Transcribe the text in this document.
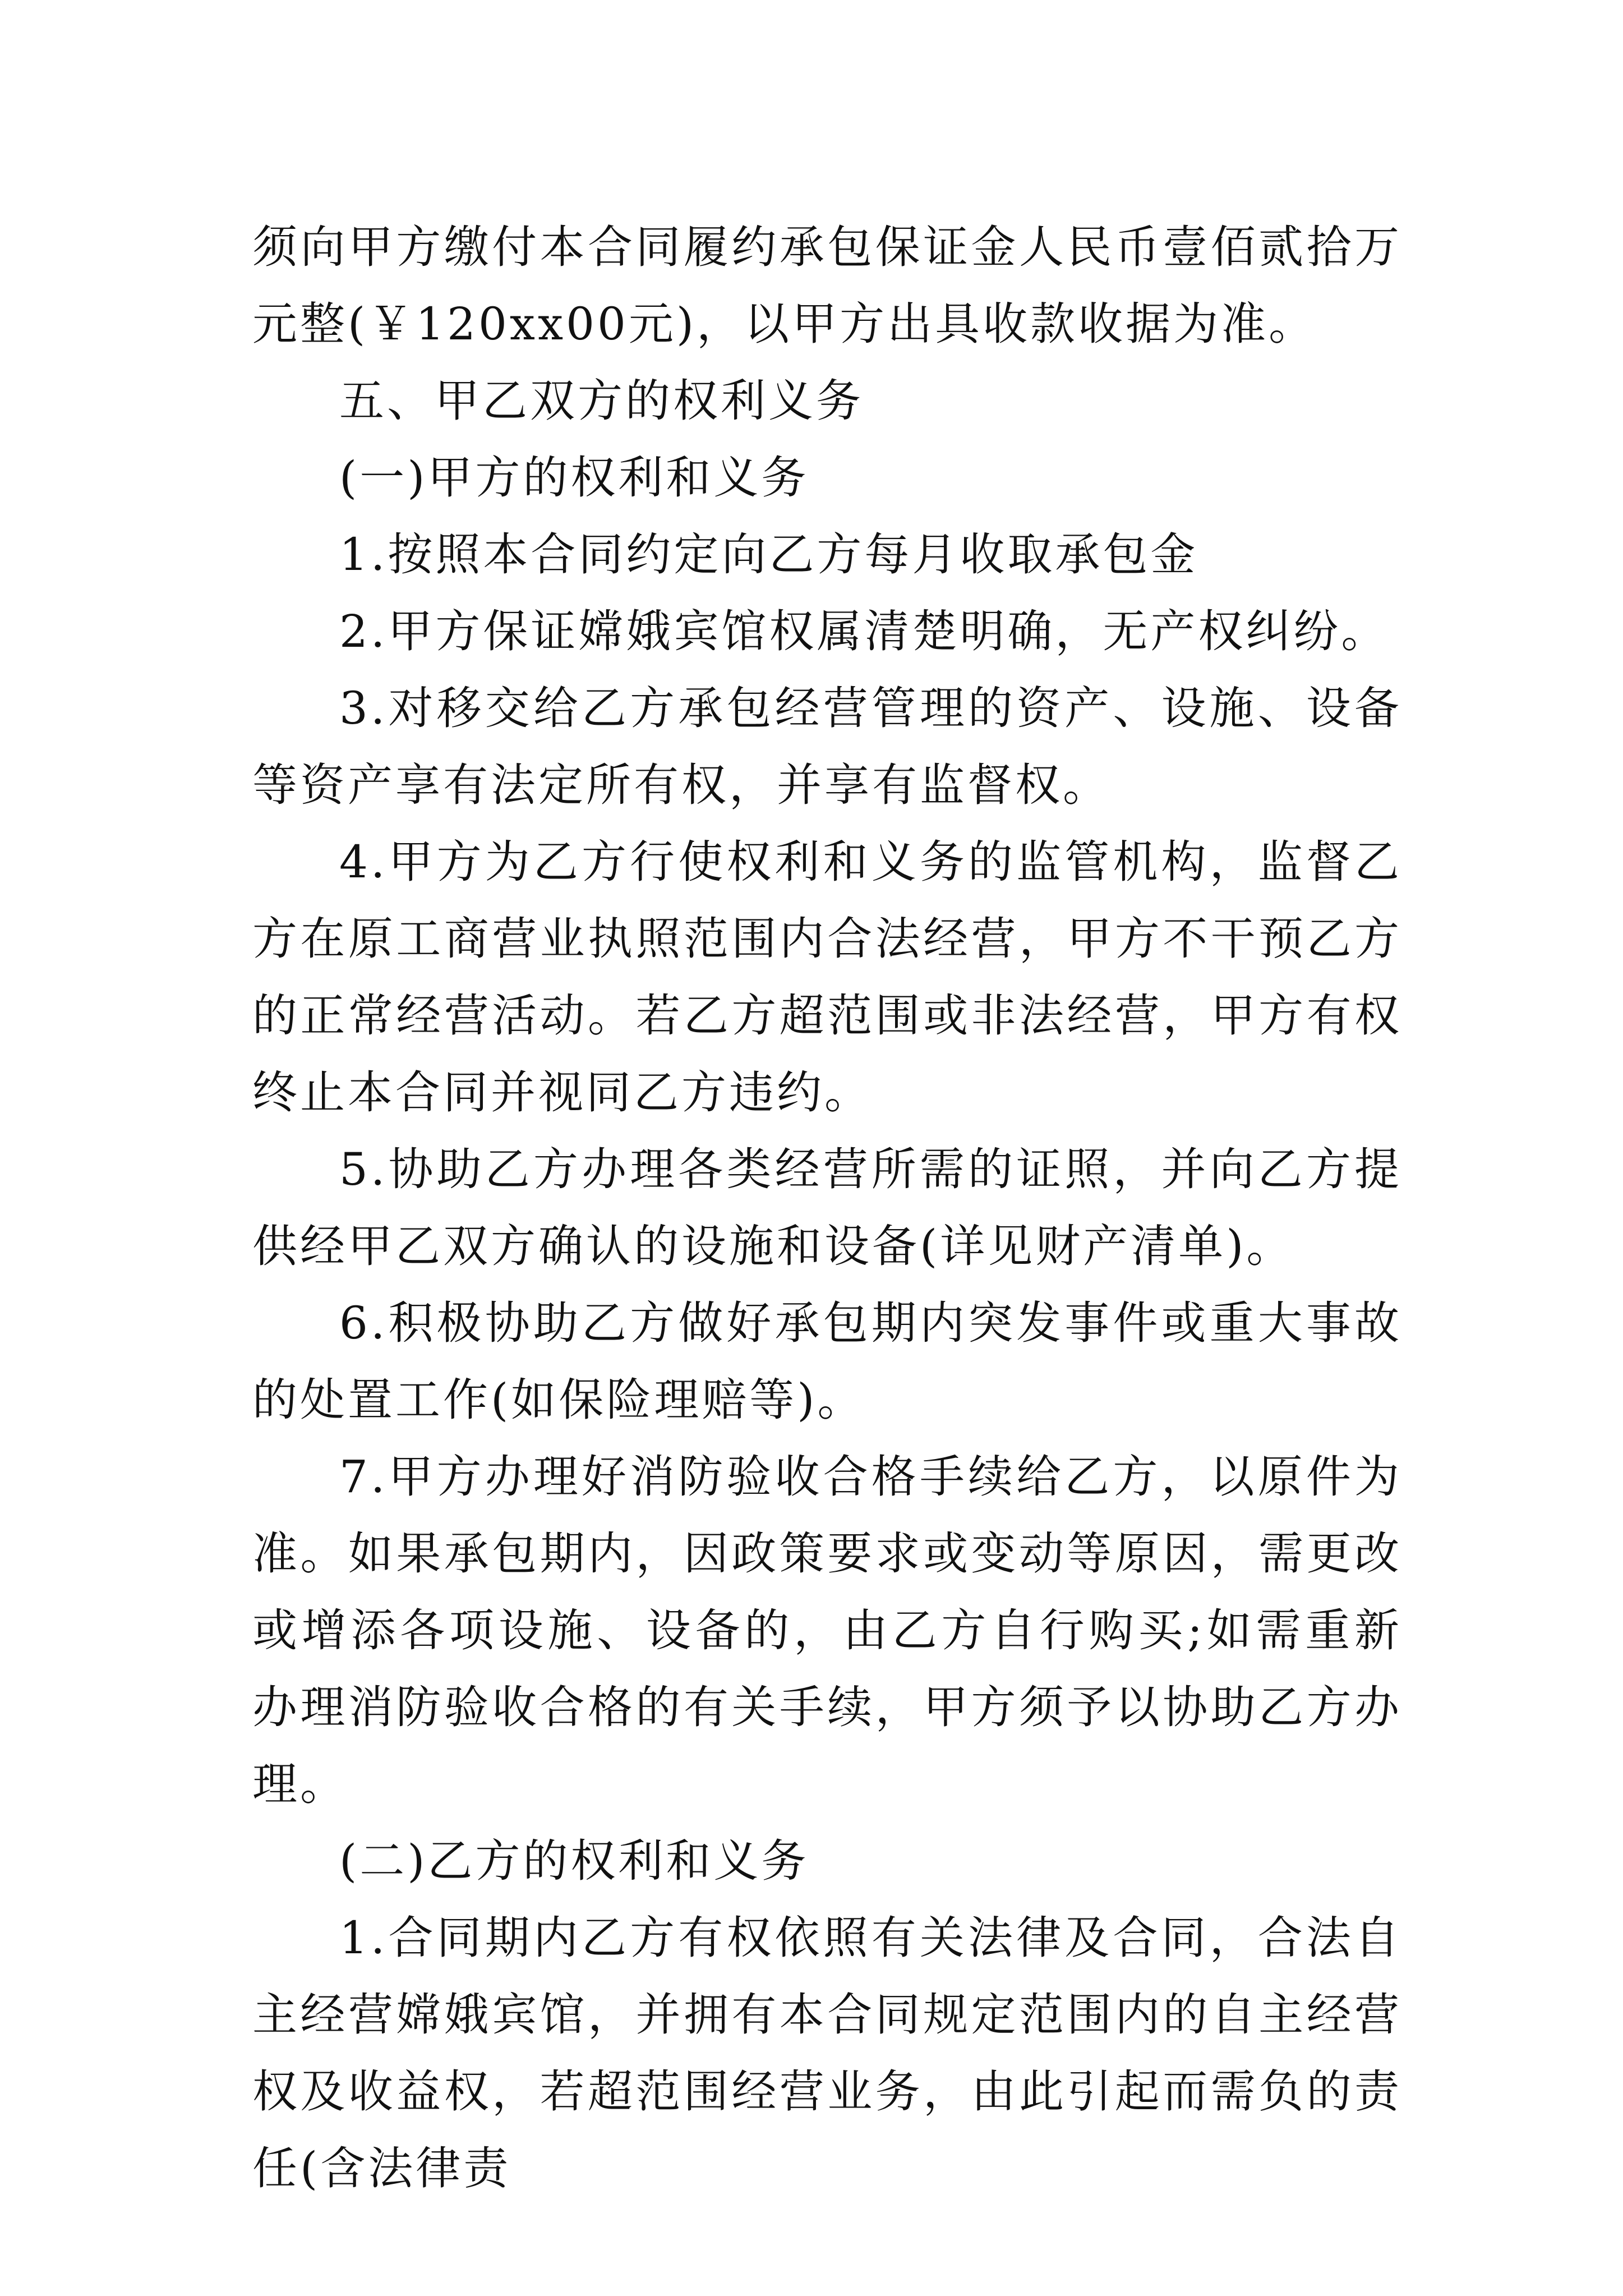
须向甲方缴付本合同履约承包保证金人民币壹佰贰拾万元整(￥120xx00元)，以甲方出具收款收据为准。

五、甲乙双方的权利义务

(一)甲方的权利和义务

1.按照本合同约定向乙方每月收取承包金

2.甲方保证嫦娥宾馆权属清楚明确，无产权纠纷。

3.对移交给乙方承包经营管理的资产、设施、设备等资产享有法定所有权，并享有监督权。

4.甲方为乙方行使权利和义务的监管机构，监督乙方在原工商营业执照范围内合法经营，甲方不干预乙方的正常经营活动。若乙方超范围或非法经营，甲方有权终止本合同并视同乙方违约。

5.协助乙方办理各类经营所需的证照，并向乙方提供经甲乙双方确认的设施和设备(详见财产清单)。

6.积极协助乙方做好承包期内突发事件或重大事故的处置工作(如保险理赔等)。

7.甲方办理好消防验收合格手续给乙方，以原件为准。如果承包期内，因政策要求或变动等原因，需更改或增添各项设施、设备的，由乙方自行购买;如需重新办理消防验收合格的有关手续，甲方须予以协助乙方办理。

(二)乙方的权利和义务

1.合同期内乙方有权依照有关法律及合同，合法自主经营嫦娥宾馆，并拥有本合同规定范围内的自主经营权及收益权，若超范围经营业务，由此引起而需负的责任(含法律责
